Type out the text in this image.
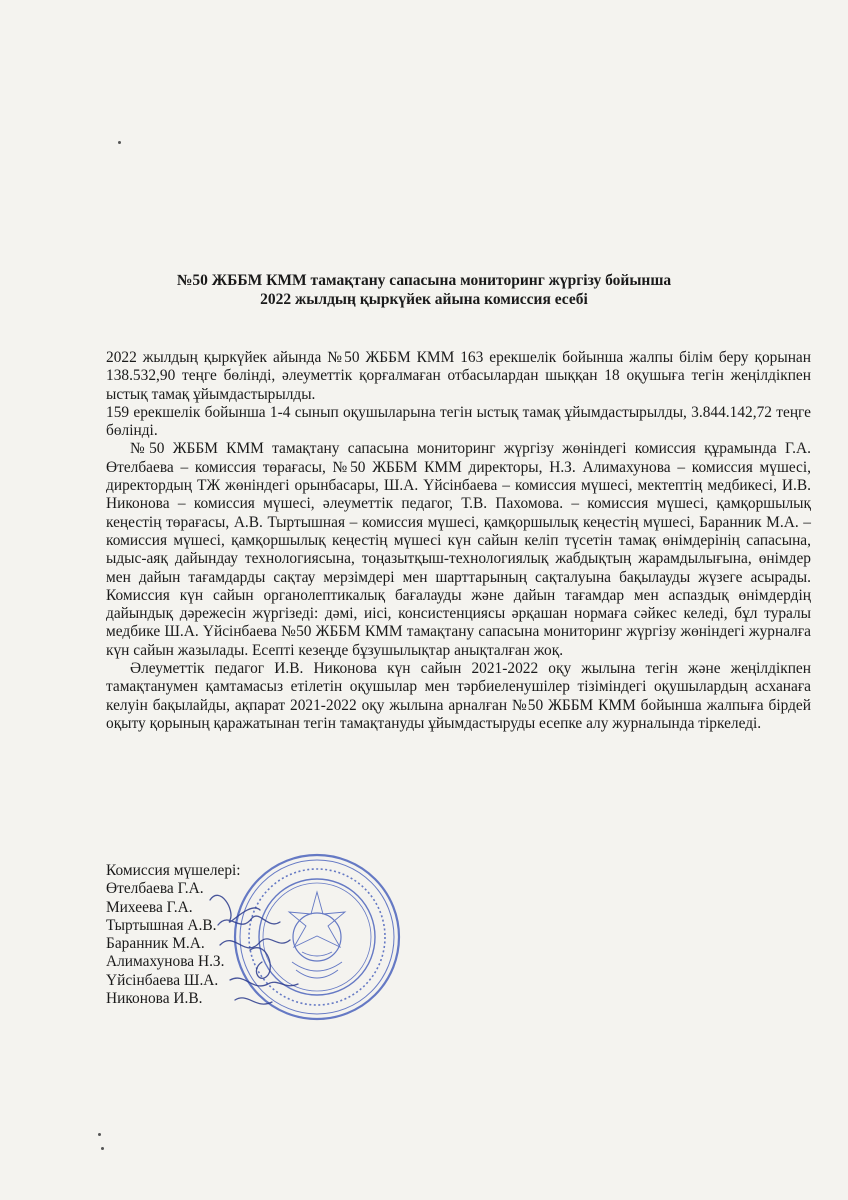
№50 ЖББМ КММ тамақтану сапасына мониторинг жүргізу бойынша
2022 жылдың қыркүйек айына комиссия есебі

2022 жылдың қыркүйек айында №50 ЖББМ КММ 163 ерекшелік бойынша жалпы білім беру қорынан 138.532,90 теңге бөлінді, әлеуметтік қорғалмаған отбасылардан шыққан 18 оқушыға тегін жеңілдікпен ыстық тамақ ұйымдастырылды.

159 ерекшелік бойынша 1-4 сынып оқушыларына тегін ыстық тамақ ұйымдастырылды, 3.844.142,72 теңге бөлінді.

№50 ЖББМ КММ тамақтану сапасына мониторинг жүргізу жөніндегі комиссия құрамында Г.А. Өтелбаева – комиссия төрағасы, №50 ЖББМ КММ директоры, Н.З. Алимахунова – комиссия мүшесі, директордың ТЖ жөніндегі орынбасары, Ш.А. Үйсінбаева – комиссия мүшесі, мектептің медбикесі, И.В. Никонова – комиссия мүшесі, әлеуметтік педагог, Т.В. Пахомова. – комиссия мүшесі, қамқоршылық кеңестің төрағасы, А.В. Тыртышная – комиссия мүшесі, қамқоршылық кеңестің мүшесі, Баранник М.А. – комиссия мүшесі, қамқоршылық кеңестің мүшесі күн сайын келіп түсетін тамақ өнімдерінің сапасына, ыдыс-аяқ дайындау технологиясына, тоңазытқыш-технологиялық жабдықтың жарамдылығына, өнімдер мен дайын тағамдарды сақтау мерзімдері мен шарттарының сақталуына бақылауды жүзеге асырады. Комиссия күн сайын органолептикалық бағалауды және дайын тағамдар мен аспаздық өнімдердің дайындық дәрежесін жүргізеді: дәмі, иісі, консистенциясы әрқашан нормаға сәйкес келеді, бұл туралы медбике Ш.А. Үйсінбаева №50 ЖББМ КММ тамақтану сапасына мониторинг жүргізу жөніндегі журналға күн сайын жазылады. Есепті кезеңде бұзушылықтар анықталған жоқ.

Әлеуметтік педагог И.В. Никонова күн сайын 2021-2022 оқу жылына тегін және жеңілдікпен тамақтанумен қамтамасыз етілетін оқушылар мен тәрбиеленушілер тізіміндегі оқушылардың асханаға келуін бақылайды, ақпарат 2021-2022 оқу жылына арналған №50 ЖББМ КММ бойынша жалпыға бірдей оқыту қорының қаражатынан тегін тамақтануды ұйымдастыруды есепке алу журналында тіркеледі.

Комиссия мүшелері:
Өтелбаева Г.А.
Михеева Г.А.
Тыртышная А.В.
Баранник М.А.
Алимахунова Н.З.
Үйсінбаева Ш.А.
Никонова И.В.
